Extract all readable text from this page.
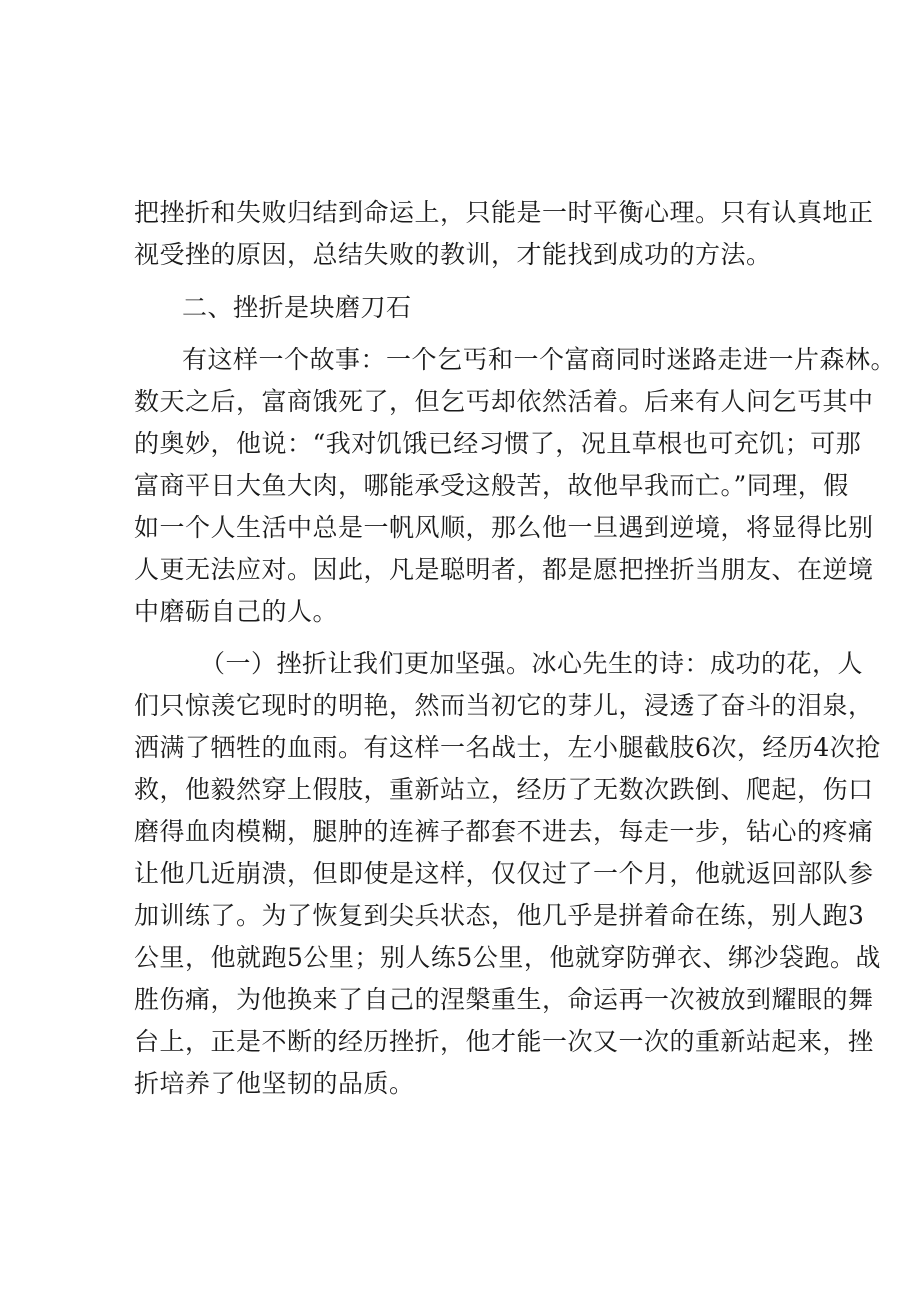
把挫折和失败归结到命运上，只能是一时平衡心理。只有认真地正
视受挫的原因，总结失败的教训，才能找到成功的方法。
二、挫折是块磨刀石
有这样一个故事：一个乞丐和一个富商同时迷路走进一片森林。
数天之后，富商饿死了，但乞丐却依然活着。后来有人问乞丐其中
的奥妙，他说：“我对饥饿已经习惯了，况且草根也可充饥；可那
富商平日大鱼大肉，哪能承受这般苦，故他早我而亡。”同理，假
如一个人生活中总是一帆风顺，那么他一旦遇到逆境，将显得比别
人更无法应对。因此，凡是聪明者，都是愿把挫折当朋友、在逆境
中磨砺自己的人。
（一）挫折让我们更加坚强。冰心先生的诗：成功的花，人
们只惊羡它现时的明艳，然而当初它的芽儿，浸透了奋斗的泪泉，
洒满了牺牲的血雨。有这样一名战士，左小腿截肢6次，经历4次抢
救，他毅然穿上假肢，重新站立，经历了无数次跌倒、爬起，伤口
磨得血肉模糊，腿肿的连裤子都套不进去，每走一步，钻心的疼痛
让他几近崩溃，但即使是这样，仅仅过了一个月，他就返回部队参
加训练了。为了恢复到尖兵状态，他几乎是拼着命在练，别人跑3
公里，他就跑5公里；别人练5公里，他就穿防弹衣、绑沙袋跑。战
胜伤痛，为他换来了自己的涅槃重生，命运再一次被放到耀眼的舞
台上，正是不断的经历挫折，他才能一次又一次的重新站起来，挫
折培养了他坚韧的品质。
